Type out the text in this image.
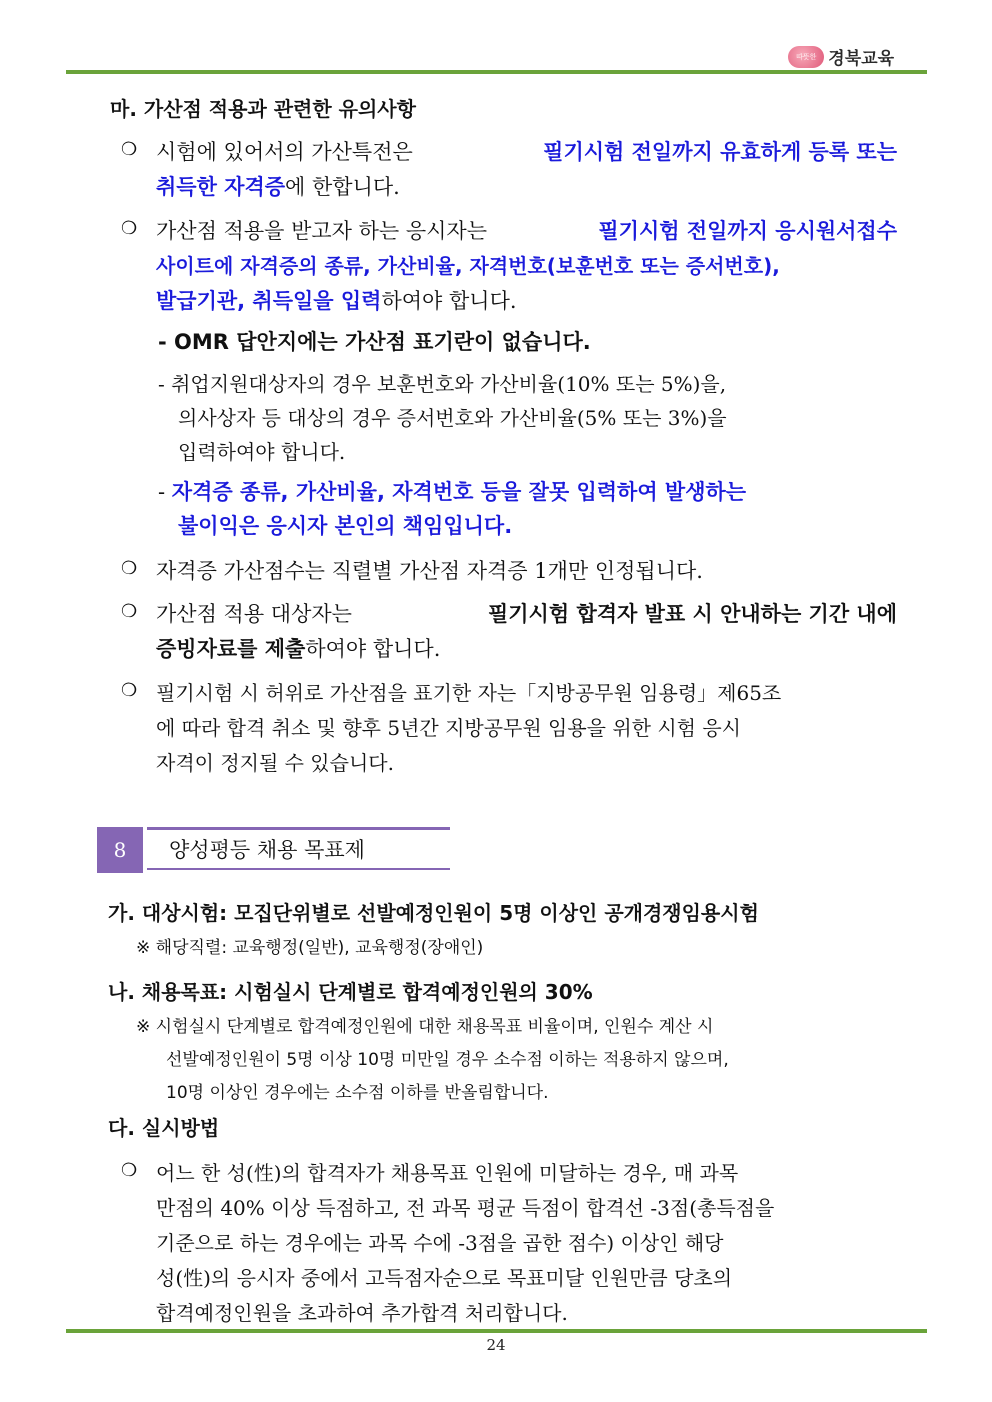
따뜻한 경북교육
마. 가산점 적용과 관련한 유의사항
❍ 시험에 있어서의 가산특전은	필기시험 전일까지 유효하게 등록 또는
취득한 자격증에 한합니다.
❍ 가산점 적용을 받고자 하는 응시자는	필기시험 전일까지 응시원서접수
사이트에 자격증의 종류, 가산비율, 자격번호(보훈번호 또는 증서번호),
발급기관, 취득일을 입력하여야 합니다.
- OMR 답안지에는 가산점 표기란이 없습니다.
- 취업지원대상자의 경우 보훈번호와 가산비율(10% 또는 5%)을,
의사상자 등 대상의 경우 증서번호와 가산비율(5% 또는 3%)을
입력하여야 합니다.
- 자격증 종류, 가산비율, 자격번호 등을 잘못 입력하여 발생하는
불이익은 응시자 본인의 책임입니다.
❍ 자격증 가산점수는 직렬별 가산점 자격증 1개만 인정됩니다.
❍ 가산점 적용 대상자는	필기시험 합격자 발표 시 안내하는 기간 내에
증빙자료를 제출하여야 합니다.
❍ 필기시험 시 허위로 가산점을 표기한 자는「지방공무원 임용령」제65조
에 따라 합격 취소 및 향후 5년간 지방공무원 임용을 위한 시험 응시
자격이 정지될 수 있습니다.
8	양성평등 채용 목표제
가. 대상시험: 모집단위별로 선발예정인원이 5명 이상인 공개경쟁임용시험
※ 해당직렬: 교육행정(일반), 교육행정(장애인)
나. 채용목표: 시험실시 단계별로 합격예정인원의 30%
※ 시험실시 단계별로 합격예정인원에 대한 채용목표 비율이며, 인원수 계산 시
선발예정인원이 5명 이상 10명 미만일 경우 소수점 이하는 적용하지 않으며,
10명 이상인 경우에는 소수점 이하를 반올림합니다.
다. 실시방법
❍ 어느 한 성(性)의 합격자가 채용목표 인원에 미달하는 경우, 매 과목
만점의 40% 이상 득점하고, 전 과목 평균 득점이 합격선 -3점(총득점을
기준으로 하는 경우에는 과목 수에 -3점을 곱한 점수) 이상인 해당
성(性)의 응시자 중에서 고득점자순으로 목표미달 인원만큼 당초의
합격예정인원을 초과하여 추가합격 처리합니다.
24
